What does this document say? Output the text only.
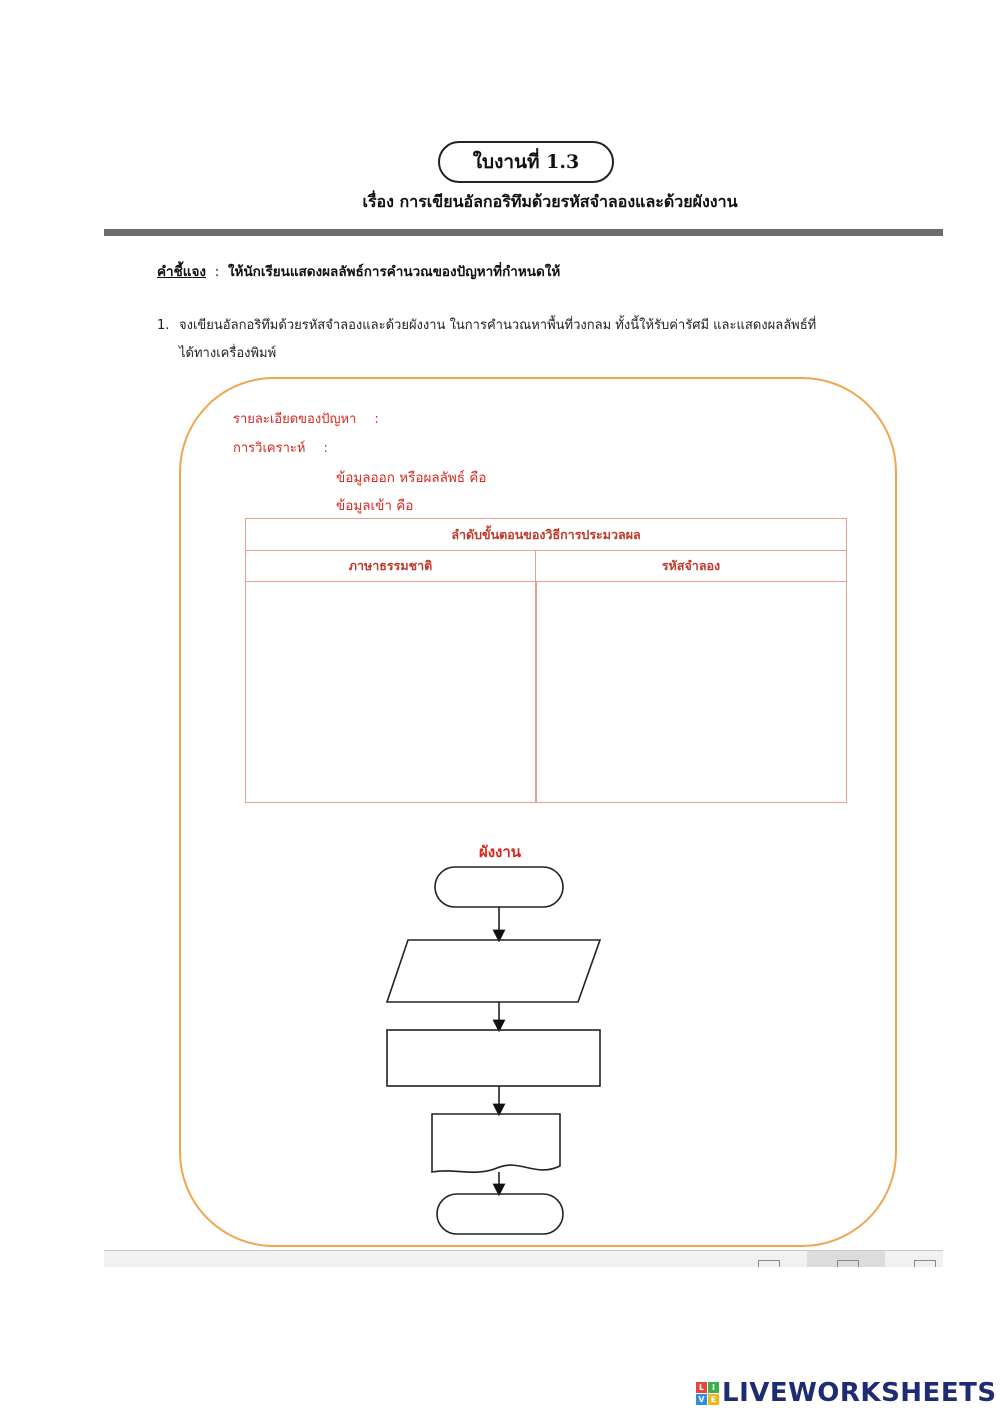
ใบงานที่ 1.3
เรื่อง การเขียนอัลกอริทึมด้วยรหัสจำลองและด้วยผังงาน
คำชี้แจง : ให้นักเรียนแสดงผลลัพธ์การคำนวณของปัญหาที่กำหนดให้
1. จงเขียนอัลกอริทึมด้วยรหัสจำลองและด้วยผังงาน ในการคำนวณหาพื้นที่วงกลม ทั้งนี้ให้รับค่ารัศมี และแสดงผลลัพธ์ที่
ได้ทางเครื่องพิมพ์
รายละเอียดของปัญหา :
การวิเคราะห์ :
ข้อมูลออก หรือผลลัพธ์ คือ
ข้อมูลเข้า คือ
ลำดับขั้นตอนของวิธีการประมวลผล
ภาษาธรรมชาติ	รหัสจำลอง
ผังงาน
L I
V E LIVEWORKSHEETS
